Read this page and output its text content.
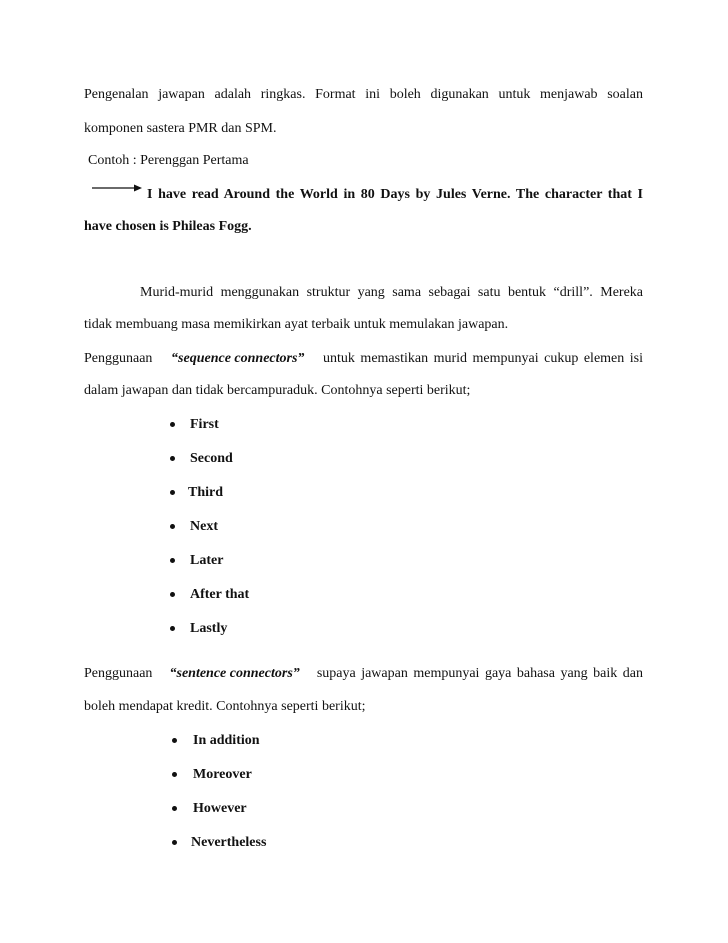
Pengenalan jawapan adalah ringkas. Format ini boleh digunakan untuk menjawab soalan
komponen sastera PMR dan SPM.
Contoh : Perenggan Pertama
I have read Around the World in 80 Days by Jules Verne. The character that I
have chosen is Phileas Fogg.
Murid-murid menggunakan struktur yang sama sebagai satu bentuk “drill”. Mereka
tidak membuang masa memikirkan ayat terbaik untuk memulakan jawapan.
Penggunaan “sequence connectors” untuk memastikan murid mempunyai cukup elemen isi
dalam jawapan dan tidak bercampuraduk. Contohnya seperti berikut;
First
Second
Third
Next
Later
After that
Lastly
Penggunaan “sentence connectors” supaya jawapan mempunyai gaya bahasa yang baik dan
boleh mendapat kredit. Contohnya seperti berikut;
In addition
Moreover
However
Nevertheless
